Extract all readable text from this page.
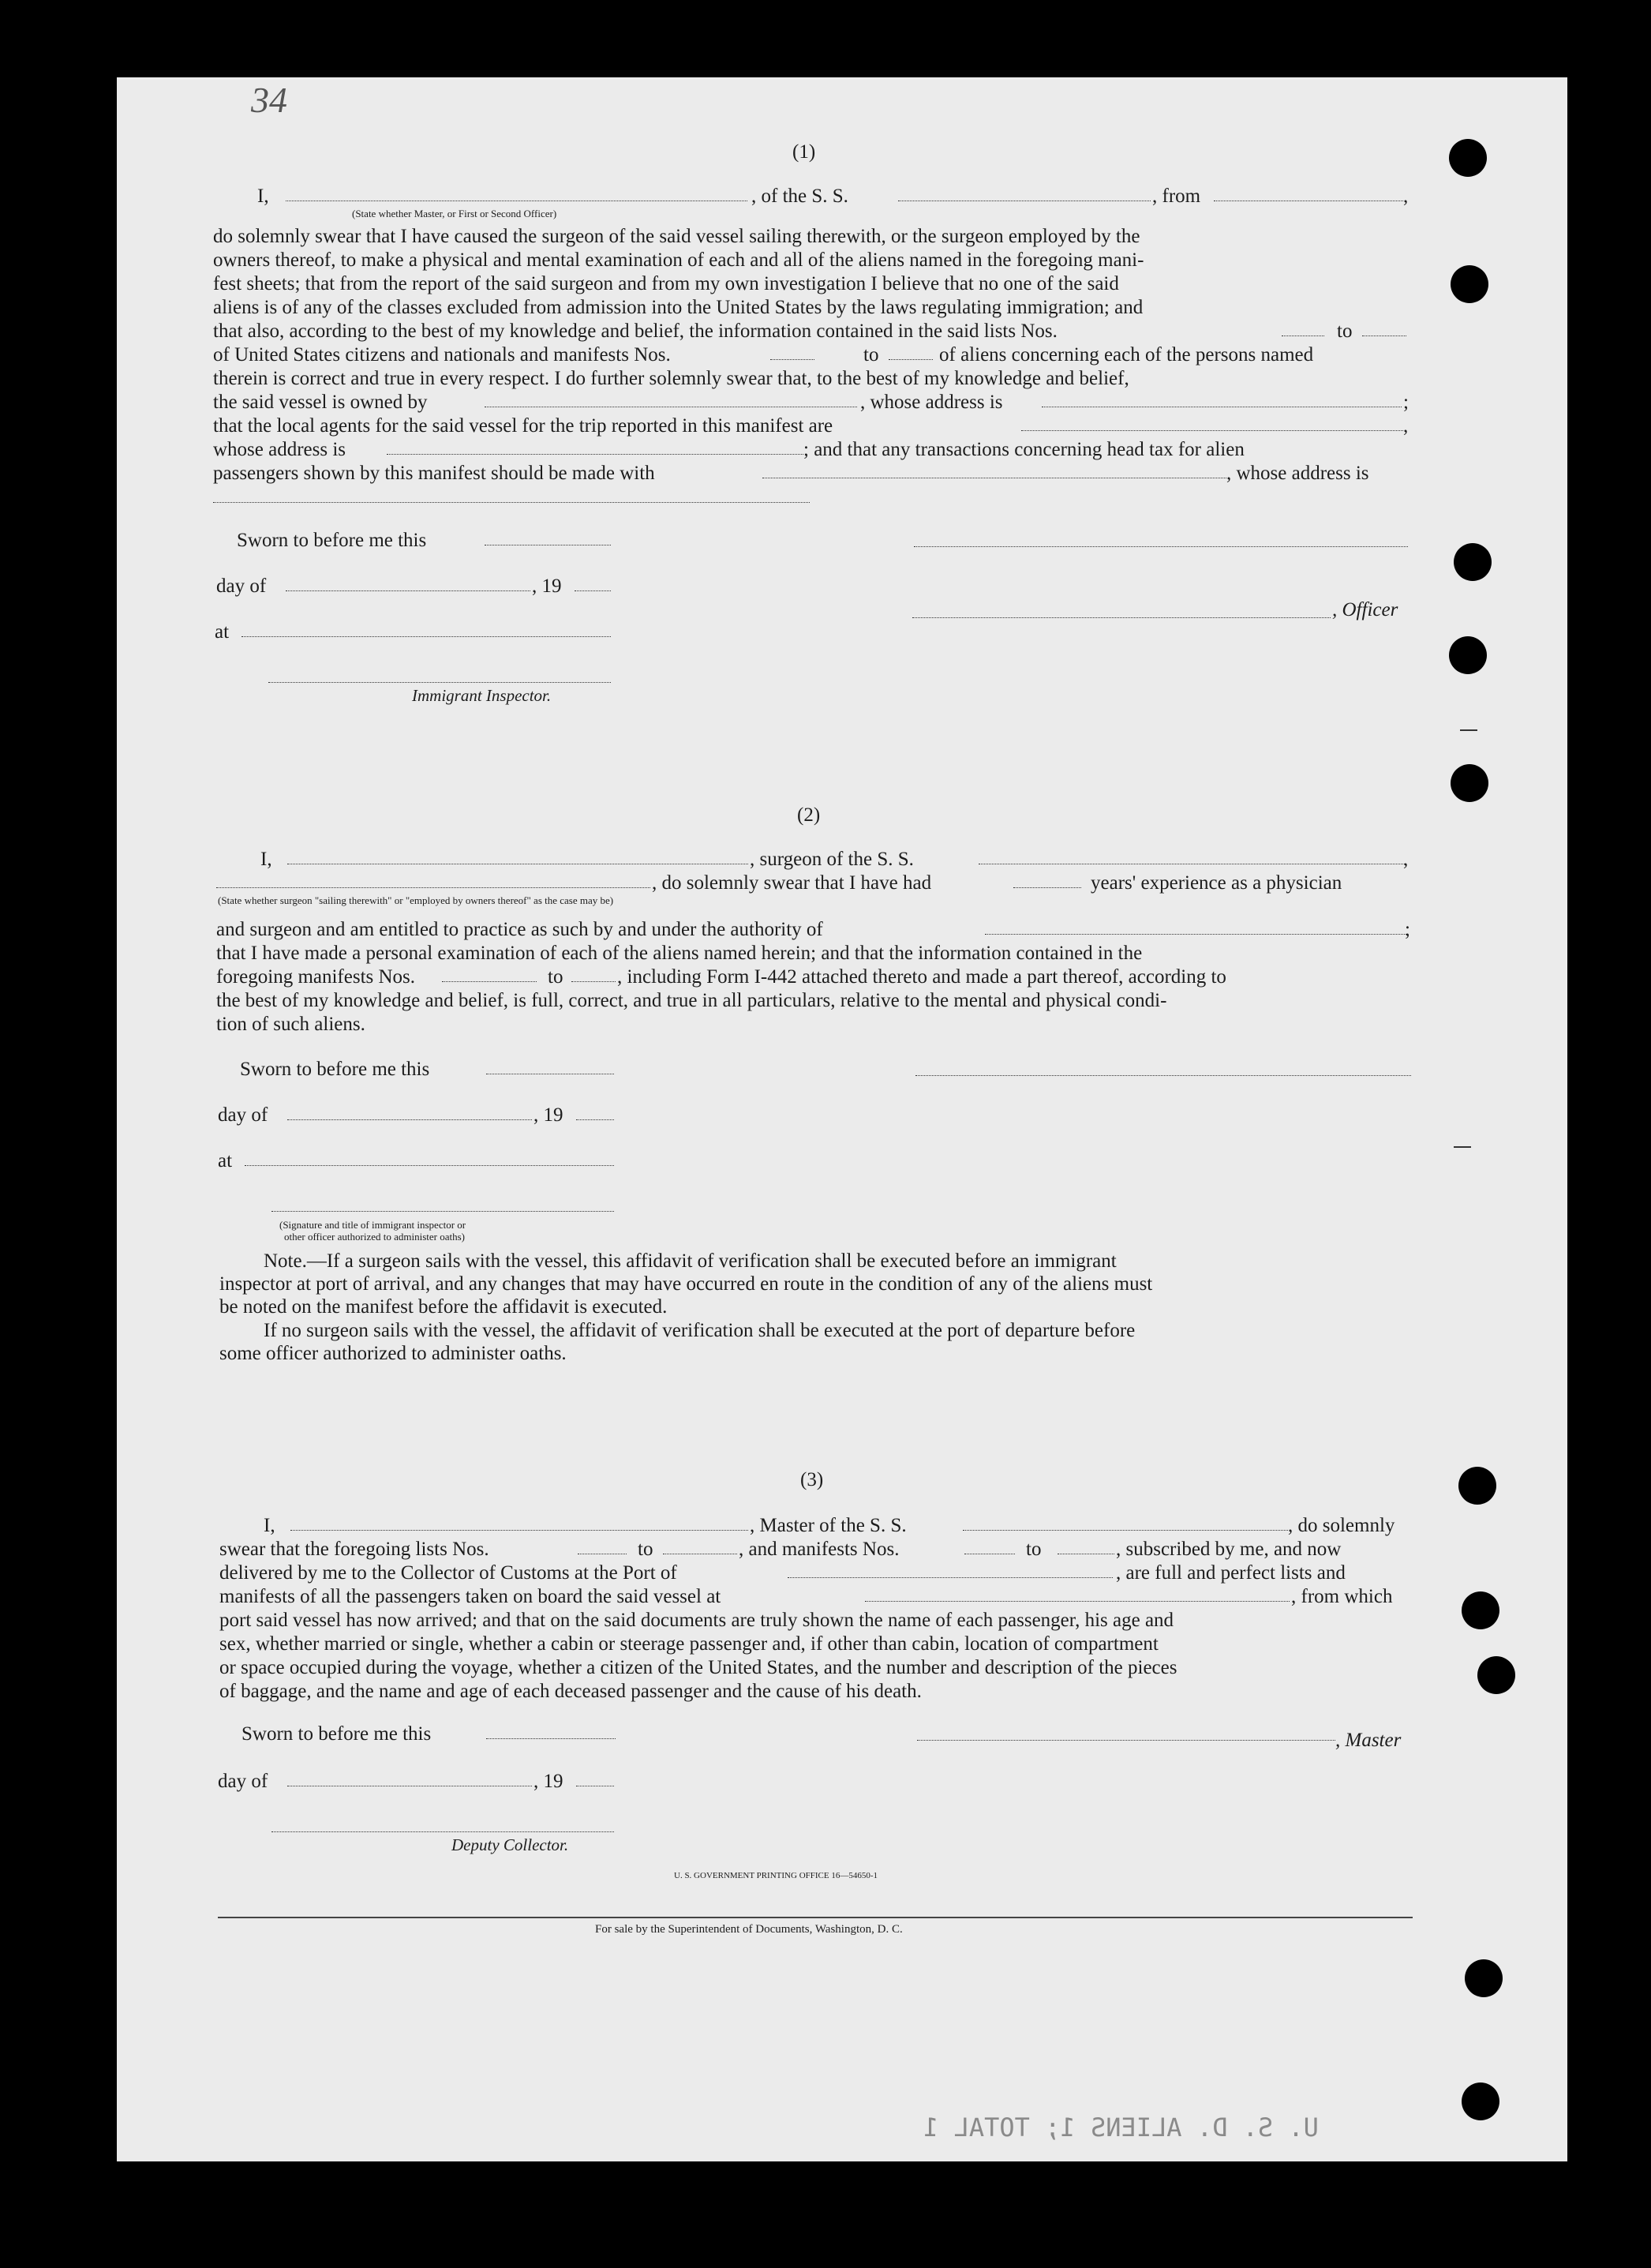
34
(1)
I,	, of the S. S.	, from	,
(State whether Master, or First or Second Officer)
do solemnly swear that I have caused the surgeon of the said vessel sailing therewith, or the surgeon employed by the
owners thereof, to make a physical and mental examination of each and all of the aliens named in the foregoing mani-
fest sheets; that from the report of the said surgeon and from my own investigation I believe that no one of the said
aliens is of any of the classes excluded from admission into the United States by the laws regulating immigration; and
that also, according to the best of my knowledge and belief, the information contained in the said lists Nos.	to
of United States citizens and nationals and manifests Nos.	to	of aliens concerning each of the persons named
therein is correct and true in every respect. I do further solemnly swear that, to the best of my knowledge and belief,
the said vessel is owned by	, whose address is	;
that the local agents for the said vessel for the trip reported in this manifest are	,
whose address is	; and that any transactions concerning head tax for alien
passengers shown by this manifest should be made with	, whose address is
Sworn to before me this
day of	, 19
, Officer
at
Immigrant Inspector.
(2)
I,	, surgeon of the S. S.	,
, do solemnly swear that I have had	years' experience as a physician
(State whether surgeon "sailing therewith" or "employed by owners thereof" as the case may be)
and surgeon and am entitled to practice as such by and under the authority of	;
that I have made a personal examination of each of the aliens named herein; and that the information contained in the
foregoing manifests Nos.	to	, including Form I-442 attached thereto and made a part thereof, according to
the best of my knowledge and belief, is full, correct, and true in all particulars, relative to the mental and physical condi-
tion of such aliens.
Sworn to before me this
day of	, 19
at
(Signature and title of immigrant inspector or
other officer authorized to administer oaths)
Note.—If a surgeon sails with the vessel, this affidavit of verification shall be executed before an immigrant
inspector at port of arrival, and any changes that may have occurred en route in the condition of any of the aliens must
be noted on the manifest before the affidavit is executed.
If no surgeon sails with the vessel, the affidavit of verification shall be executed at the port of departure before
some officer authorized to administer oaths.
(3)
I,	, Master of the S. S.	, do solemnly
swear that the foregoing lists Nos.	to	, and manifests Nos.	to	, subscribed by me, and now
delivered by me to the Collector of Customs at the Port of	, are full and perfect lists and
manifests of all the passengers taken on board the said vessel at	, from which
port said vessel has now arrived; and that on the said documents are truly shown the name of each passenger, his age and
sex, whether married or single, whether a cabin or steerage passenger and, if other than cabin, location of compartment
or space occupied during the voyage, whether a citizen of the United States, and the number and description of the pieces
of baggage, and the name and age of each deceased passenger and the cause of his death.
Sworn to before me this	, Master
day of	, 19
Deputy Collector.
U. S. GOVERNMENT PRINTING OFFICE 16—54650-1
For sale by the Superintendent of Documents, Washington, D. C.
U. S. D. ALIENS 1; TOTAL 1
